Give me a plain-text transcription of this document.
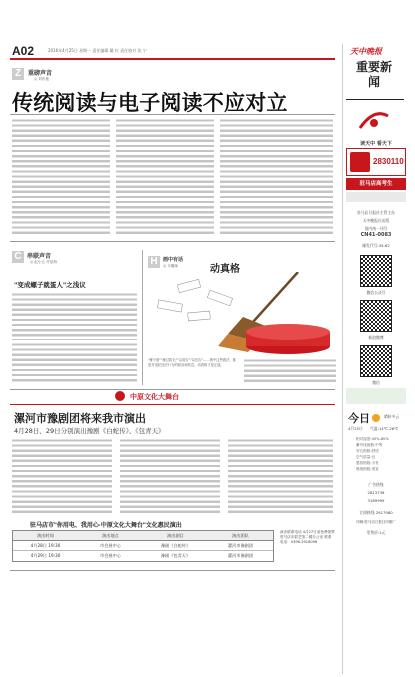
A02	2016年4月25日 星期一 责任编辑 戴 红 责任校对 张 宁
Z	重磅声音
◎ 刘传艳
传统阅读与电子阅读不应对立
C 串联声音
◎ 赵小五 许星海
"变成螺子就蛋人"之浅议
H	画中有话
◎ 木雕师	动真格
"雁不留""雁过拔毛""以前告""以后告"……图中这些做法，都是对违纪违法行为的纵容和姑息，动真格才是正道。
中原文化大舞台
漯河市豫剧团将来我市演出
4月28日、29日分别演出豫剧《白蛇传》、《包青天》
驻马店市"你用电、我用心·中原文化大舞台"文化惠民演出
演出时间	演出地点	演出剧目	演出团队
4月28日 19:30	市会展中心	豫剧《白蛇传》	漯河市豫剧团
4月29日 19:30	市会展中心	豫剧《包青天》	漯河市豫剧团
演出联系电话 4月27日前免费领票 驻马店市群艺馆二楼办公室 联系电话：0396-2918098
天中晚报
重要新闻
读天中 看天下
2830110
驻马店高考生
驻马店日报社主管主办
天中晚报社出版
国内统一刊号
CN41-0083
邮发代号:35-62
微信公众号
新浪微博
微信
今日
4月25日
晴转多云
气温:14℃-26℃
相对湿度:40%-60%
紫外线指数:中等
穿衣指数:舒适
空气质量:良
感冒指数:少发
晨练指数:适宜
广告热线
2813736
3189999
订阅热线 2917980
印刷:驻马店日报社印刷厂
零售价:1元
